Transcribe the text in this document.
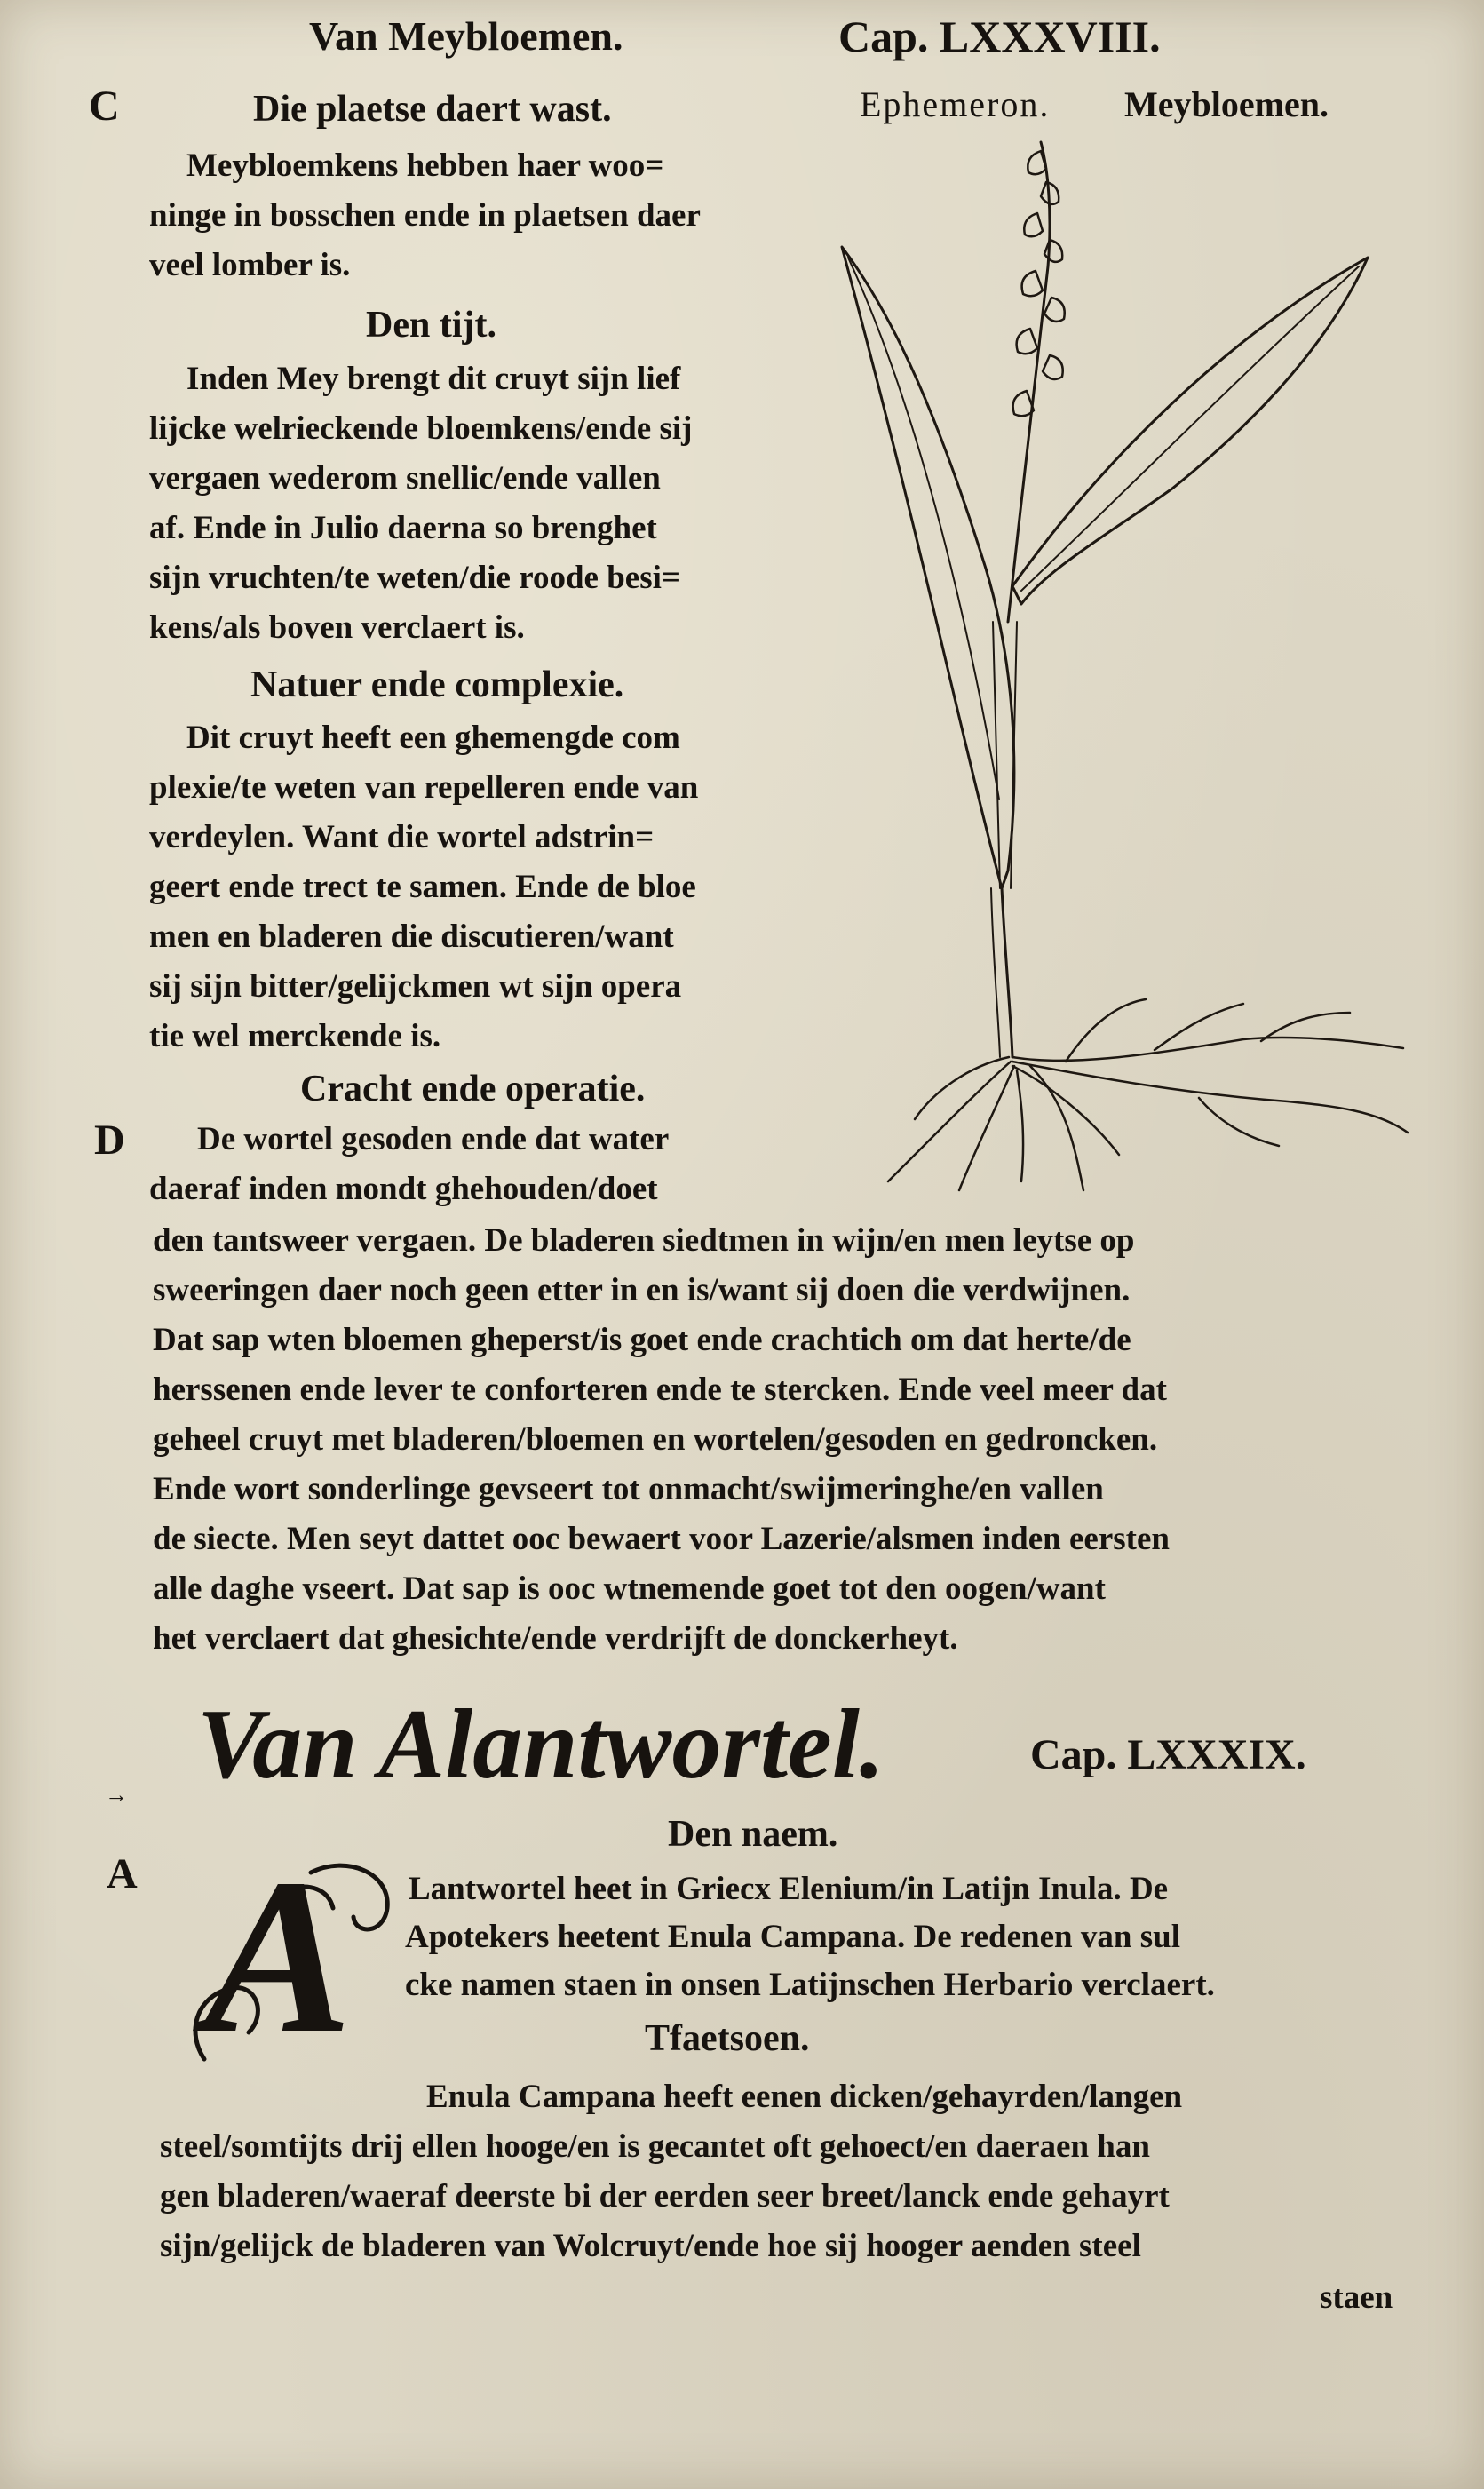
Van Meybloemen.	Cap. LXXXVIII.
C	Die plaetse daert wast.
Meybloemkens hebben haer woo=
ninge in bosschen ende in plaetsen daer
veel lomber is.
Den tijt.
Inden Mey brengt dit cruyt sijn lief
lijcke welrieckende bloemkens/ende sij
vergaen wederom snellic/ende vallen
af. Ende in Julio daerna so brenghet
sijn vruchten/te weten/die roode besi=
kens/als boven verclaert is.
Natuer ende complexie.
Dit cruyt heeft een ghemengde com
plexie/te weten van repelleren ende van
verdeylen. Want die wortel adstrin=
geert ende trect te samen. Ende de bloe
men en bladeren die discutieren/want
sij sijn bitter/gelijckmen wt sijn opera
tie wel merckende is.
Cracht ende operatie.
D De wortel gesoden ende dat water
daeraf inden mondt ghehouden/doet
den tantsweer vergaen. De bladeren siedtmen in wijn/en men leytse op
sweeringen daer noch geen etter in en is/want sij doen die verdwijnen.
Dat sap wten bloemen gheperst/is goet ende crachtich om dat herte/de
herssenen ende lever te conforteren ende te stercken. Ende veel meer dat
geheel cruyt met bladeren/bloemen en wortelen/gesoden en gedroncken.
Ende wort sonderlinge gevseert tot onmacht/swijmeringhe/en vallen
de siecte. Men seyt dattet ooc bewaert voor Lazerie/alsmen inden eersten
alle daghe vseert. Dat sap is ooc wtnemende goet tot den oogen/want
het verclaert dat ghesichte/ende verdrijft de donckerheyt.
Ephemeron. Meybloemen.
→ Van Alantwortel.	Cap. LXXXIX.
Den naem.
A A Lantwortel heet in Griecx Elenium/in Latijn Inula. De
Apotekers heetent Enula Campana. De redenen van sul
cke namen staen in onsen Latijnschen Herbario verclaert.
Tfaetsoen.
Enula Campana heeft eenen dicken/gehayrden/langen
steel/somtijts drij ellen hooge/en is gecantet oft gehoect/en daeraen han
gen bladeren/waeraf deerste bi der eerden seer breet/lanck ende gehayrt
sijn/gelijck de bladeren van Wolcruyt/ende hoe sij hooger aenden steel
staen
